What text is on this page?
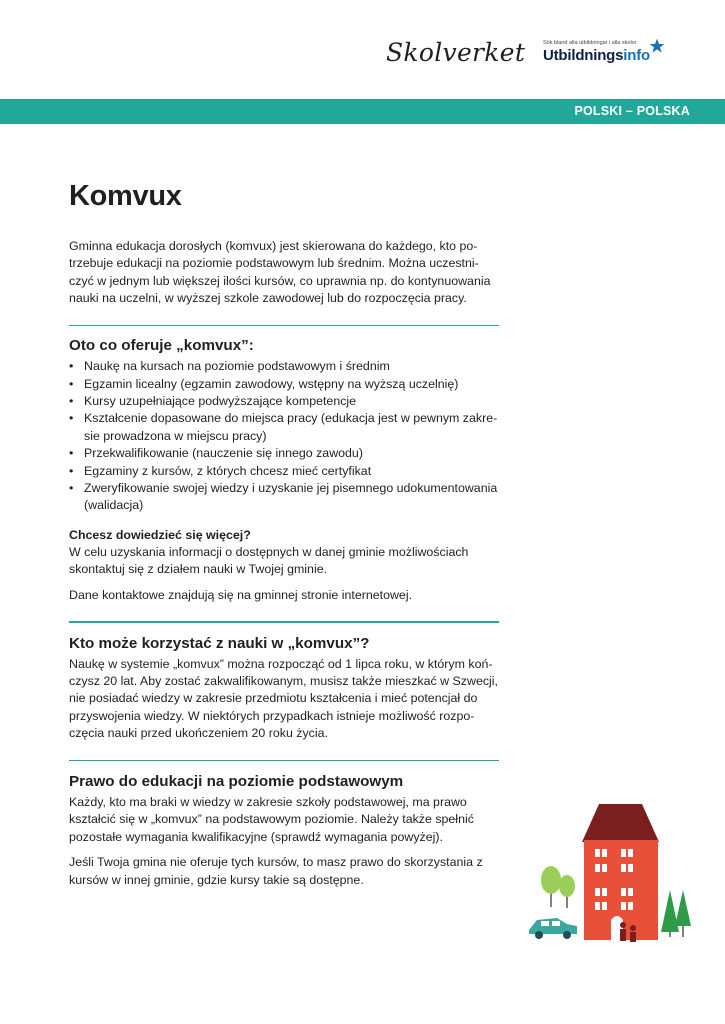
Skolverket	Sök bland alla utbildningar i alla skolor
Utbildningsinfo
POLSKI – POLSKA
Komvux

Gminna edukacja dorosłych (komvux) jest skierowana do każdego, kto potrzebuje edukacji na poziomie podstawowym lub średnim. Można uczestniczyć w jednym lub większej ilości kursów, co uprawnia np. do kontynuowania nauki na uczelni, w wyższej szkole zawodowej lub do rozpoczęcia pracy.

Oto co oferuje „komvux”:
• Naukę na kursach na poziomie podstawowym i średnim
• Egzamin licealny (egzamin zawodowy, wstępny na wyższą uczelnię)
• Kursy uzupełniające podwyższające kompetencje
• Kształcenie dopasowane do miejsca pracy (edukacja jest w pewnym zakresie prowadzona w miejscu pracy)
• Przekwalifikowanie (nauczenie się innego zawodu)
• Egzaminy z kursów, z których chcesz mieć certyfikat
• Zweryfikowanie swojej wiedzy i uzyskanie jej pisemnego udokumentowania (walidacja)
Chcesz dowiedzieć się więcej?

W celu uzyskania informacji o dostępnych w danej gminie możliwościach skontaktuj się z działem nauki w Twojej gminie.

Dane kontaktowe znajdują się na gminnej stronie internetowej.

Kto może korzystać z nauki w „komvux”?

Naukę w systemie „komvux” można rozpocząć od 1 lipca roku, w którym kończysz 20 lat. Aby zostać zakwalifikowanym, musisz także mieszkać w Szwecji, nie posiadać wiedzy w zakresie przedmiotu kształcenia i mieć potencjał do przyswojenia wiedzy. W niektórych przypadkach istnieje możliwość rozpoczęcia nauki przed ukończeniem 20 roku życia.

Prawo do edukacji na poziomie podstawowym

Każdy, kto ma braki w wiedzy w zakresie szkoły podstawowej, ma prawo kształcić się w „komvux” na podstawowym poziomie. Należy także spełnić pozostałe wymagania kwalifikacyjne (sprawdź wymagania powyżej).

Jeśli Twoja gmina nie oferuje tych kursów, to masz prawo do skorzystania z kursów w innej gminie, gdzie kursy takie są dostępne.
